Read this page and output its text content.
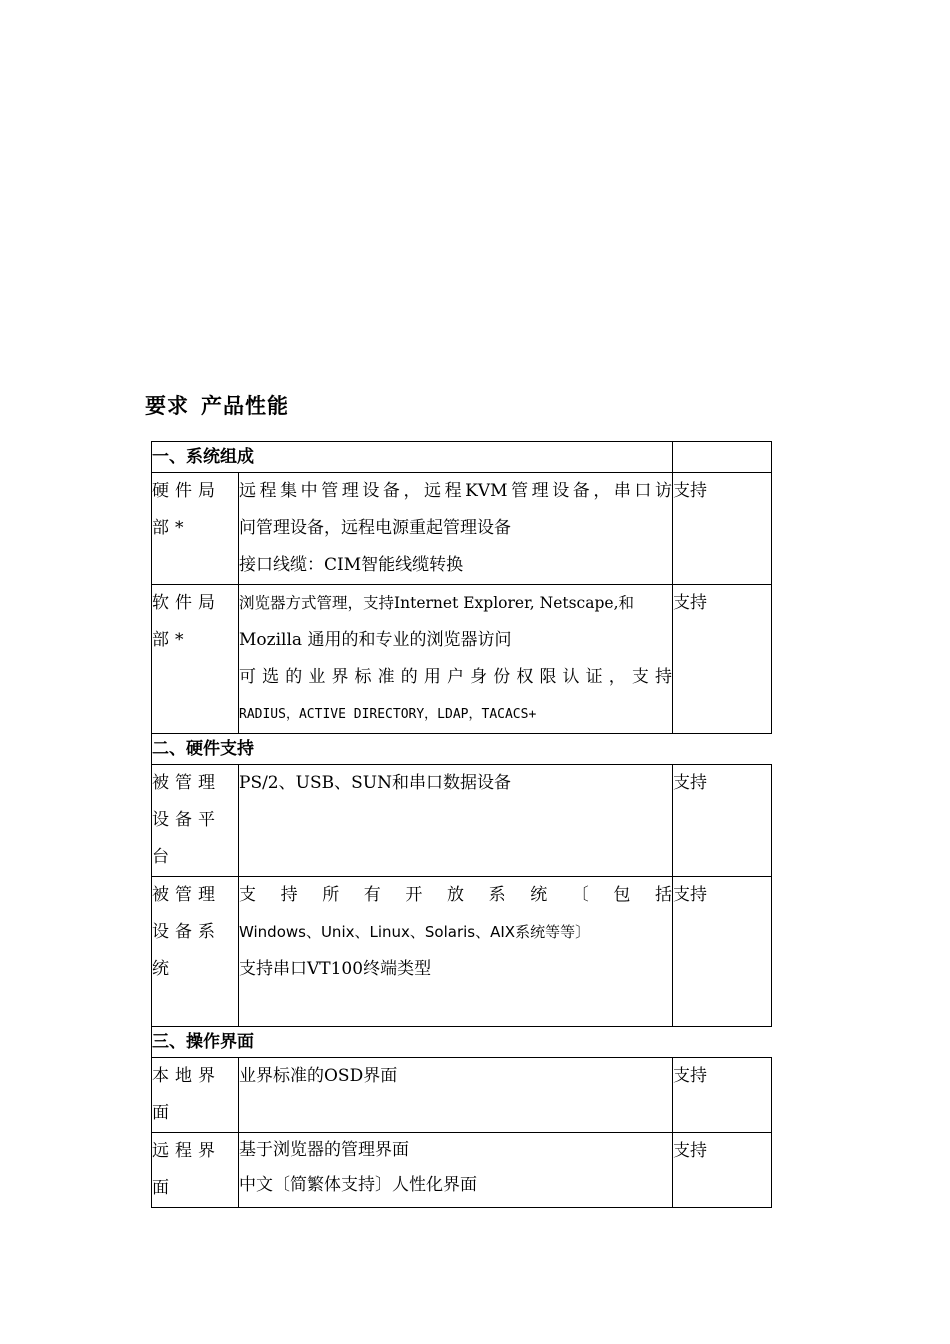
要求 产品性能
一、系统组成		
硬件局部*	远程集中管理设备，远程KVM管理设备，串口访
问管理设备，远程电源重起管理设备
接口线缆：CIM智能线缆转换	支持
软件局部*	浏览器方式管理，支持Internet Explorer, Netscape,和
Mozilla 通用的和专业的浏览器访问
可选的业界标准的用户身份权限认证，支持
RADIUS，ACTIVE DIRECTORY，LDAP，TACACS+	支持
二、硬件支持		
被管理设备平台	PS/2、USB、SUN和串口数据设备	支持
被管理设备系统	支持所有开放系统〔包括
Windows、Unix、Linux、Solaris、AIX系统等等〕
支持串口VT100终端类型	支持
三、操作界面		
本地界面	业界标准的OSD界面	支持
远程界面	基于浏览器的管理界面
中文〔简繁体支持〕人性化界面	支持
